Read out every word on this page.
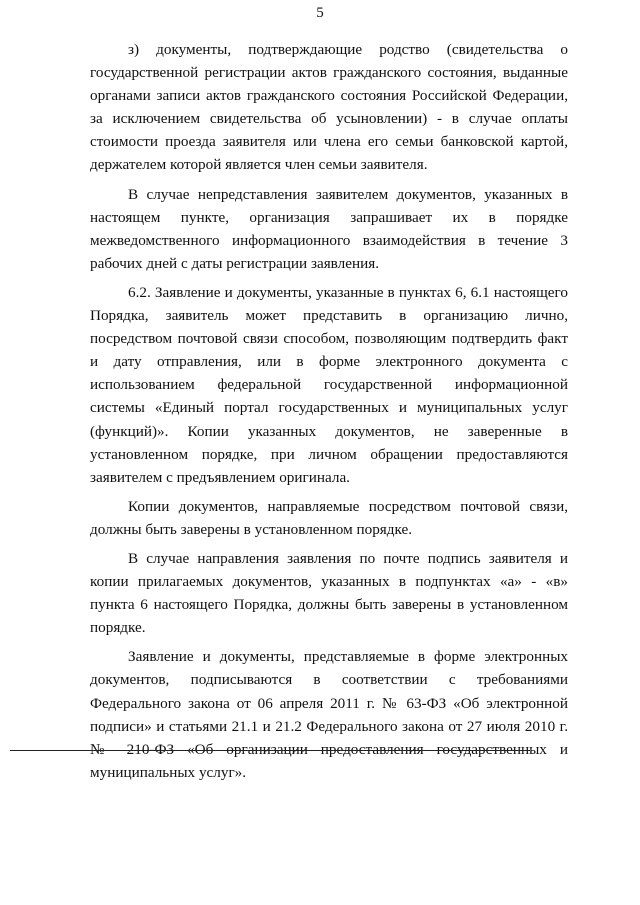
5

з) документы, подтверждающие родство (свидетельства о государственной регистрации актов гражданского состояния, выданные органами записи актов гражданского состояния Российской Федерации, за исключением свидетельства об усыновлении) - в случае оплаты стоимости проезда заявителя или члена его семьи банковской картой, держателем которой является член семьи заявителя.

В случае непредставления заявителем документов, указанных в настоящем пункте, организация запрашивает их в порядке межведомственного информационного взаимодействия в течение 3 рабочих дней с даты регистрации заявления.

6.2. Заявление и документы, указанные в пунктах 6, 6.1 настоящего Порядка, заявитель может представить в организацию лично, посредством почтовой связи способом, позволяющим подтвердить факт и дату отправления, или в форме электронного документа с использованием федеральной государственной информационной системы «Единый портал государственных и муниципальных услуг (функций)». Копии указанных документов, не заверенные в установленном порядке, при личном обращении предоставляются заявителем с предъявлением оригинала.

Копии документов, направляемые посредством почтовой связи, должны быть заверены в установленном порядке.

В случае направления заявления по почте подпись заявителя и копии прилагаемых документов, указанных в подпунктах «а» - «в» пункта 6 настоящего Порядка, должны быть заверены в установленном порядке.

Заявление и документы, представляемые в форме электронных документов, подписываются в соответствии с требованиями Федерального закона от 06 апреля 2011 г. № 63-ФЗ «Об электронной подписи» и статьями 21.1 и 21.2 Федерального закона от 27 июля 2010 г. № 210-ФЗ «Об организации предоставления государственных и муниципальных услуг».
